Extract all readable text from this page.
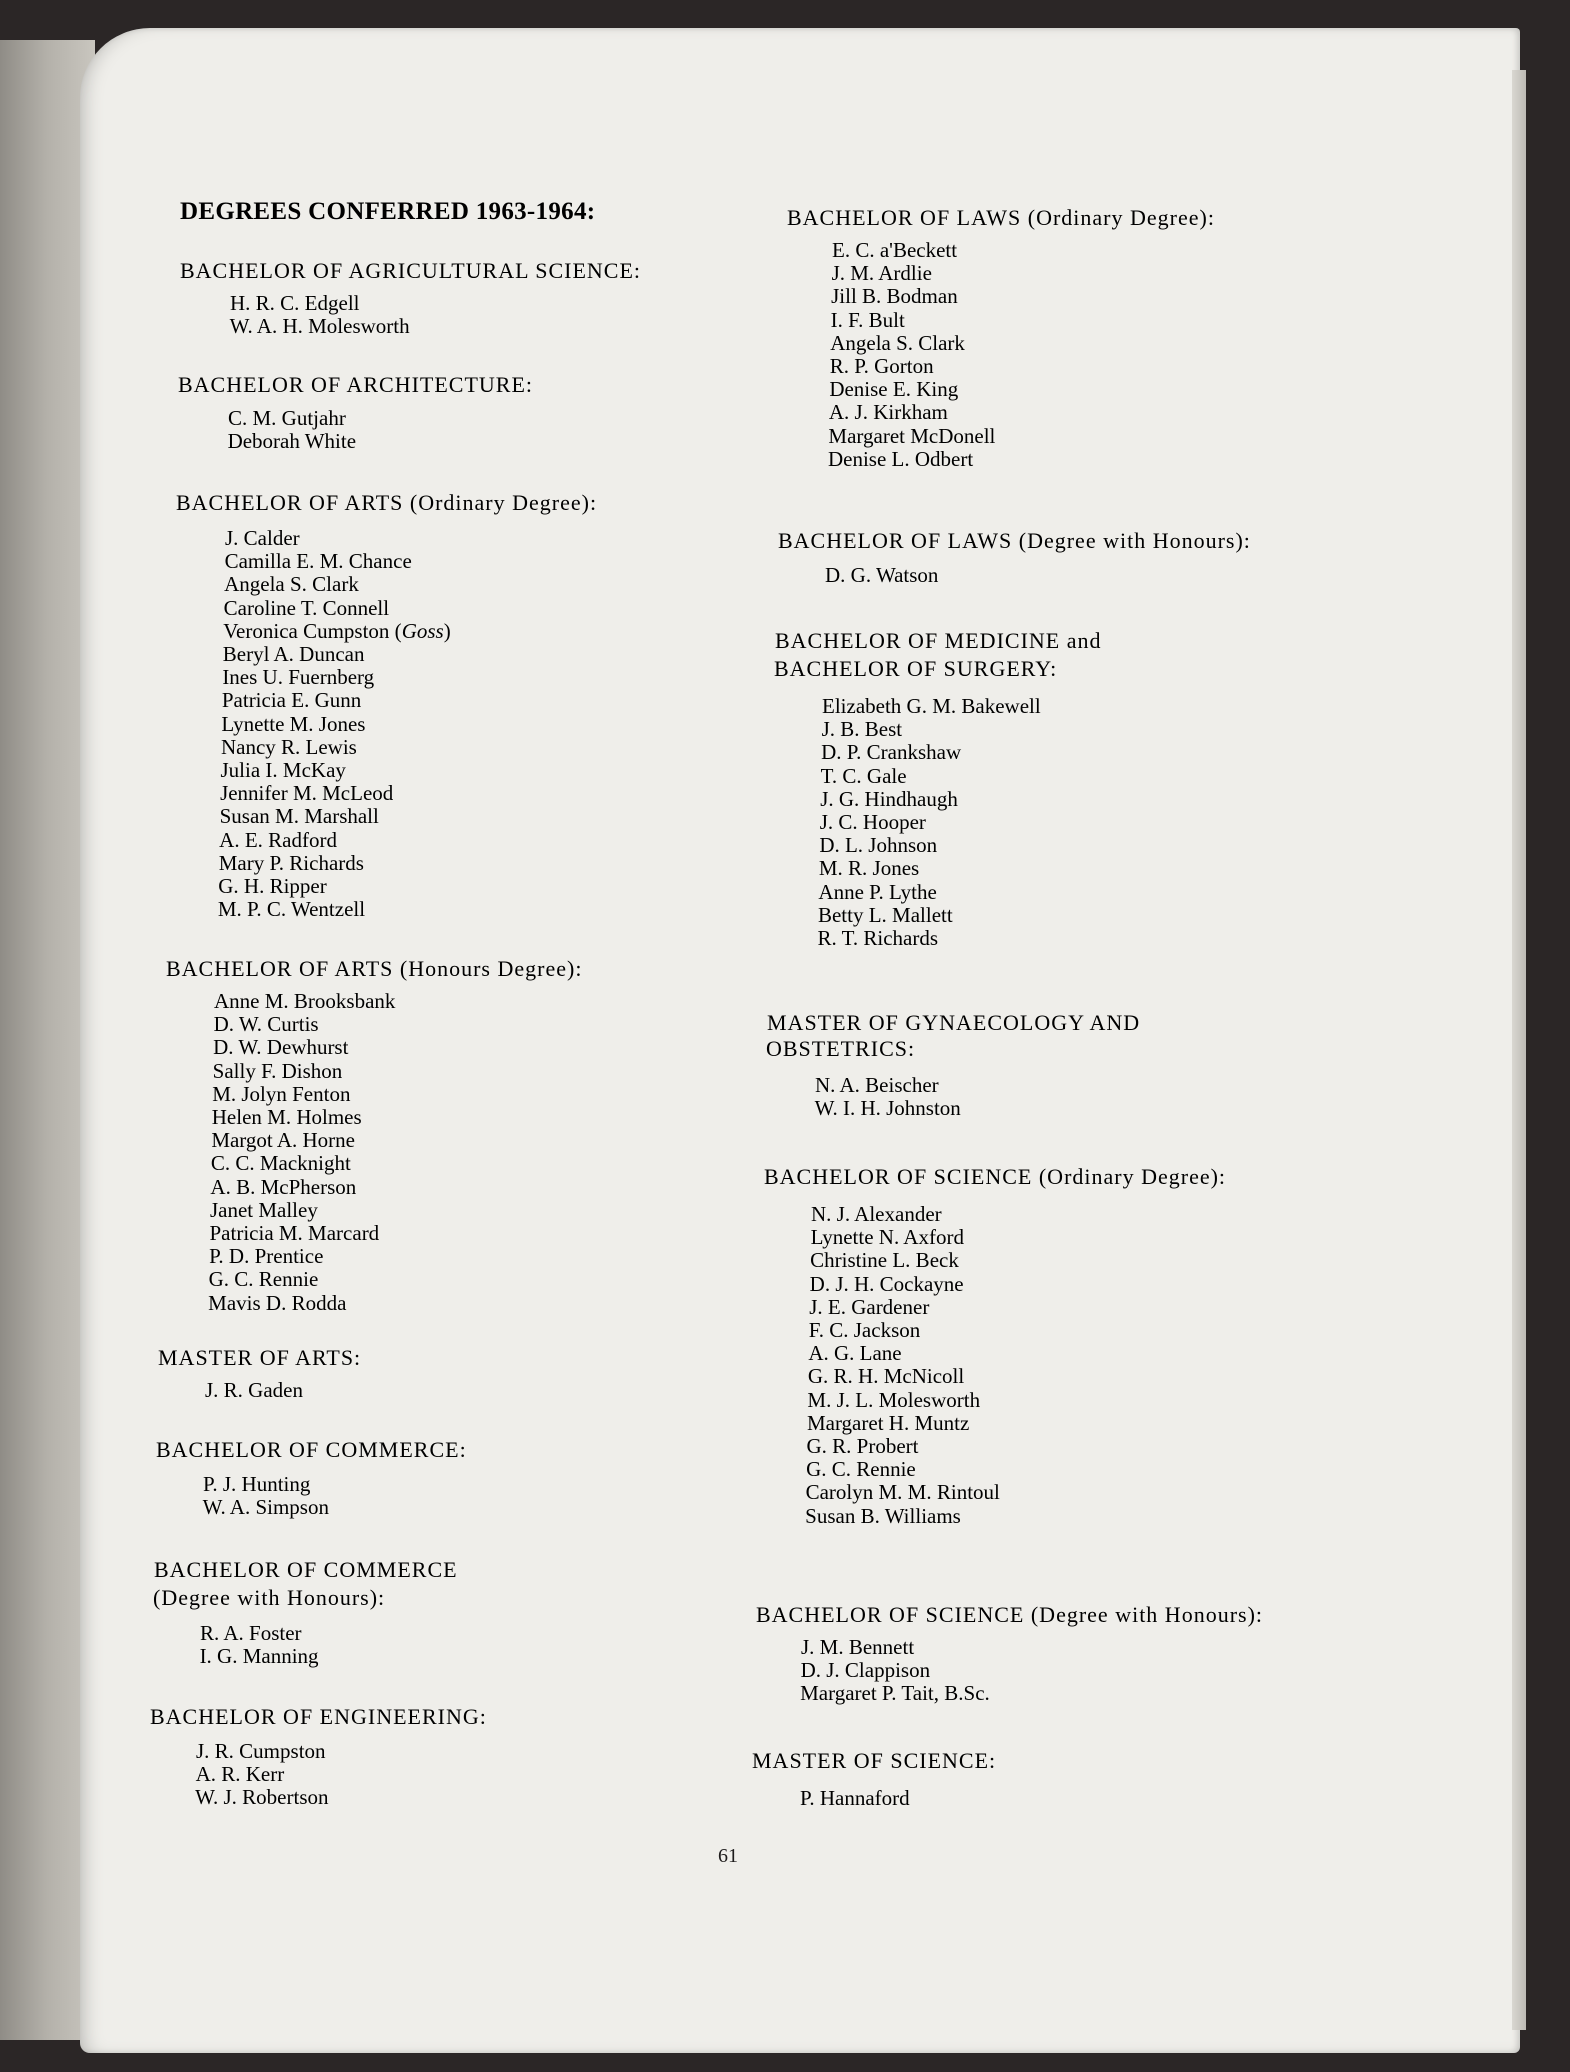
DEGREES CONFERRED 1963-1964:
BACHELOR OF AGRICULTURAL SCIENCE:
H. R. C. Edgell
W. A. H. Molesworth
BACHELOR OF ARCHITECTURE:
C. M. Gutjahr
Deborah White
BACHELOR OF ARTS (Ordinary Degree):
J. Calder
Camilla E. M. Chance
Angela S. Clark
Caroline T. Connell
Veronica Cumpston (Goss)
Beryl A. Duncan
Ines U. Fuernberg
Patricia E. Gunn
Lynette M. Jones
Nancy R. Lewis
Julia I. McKay
Jennifer M. McLeod
Susan M. Marshall
A. E. Radford
Mary P. Richards
G. H. Ripper
M. P. C. Wentzell
BACHELOR OF ARTS (Honours Degree):
Anne M. Brooksbank
D. W. Curtis
D. W. Dewhurst
Sally F. Dishon
M. Jolyn Fenton
Helen M. Holmes
Margot A. Horne
C. C. Macknight
A. B. McPherson
Janet Malley
Patricia M. Marcard
P. D. Prentice
G. C. Rennie
Mavis D. Rodda
MASTER OF ARTS:
J. R. Gaden
BACHELOR OF COMMERCE:
P. J. Hunting
W. A. Simpson
BACHELOR OF COMMERCE
(Degree with Honours):
R. A. Foster
I. G. Manning
BACHELOR OF ENGINEERING:
J. R. Cumpston
A. R. Kerr
W. J. Robertson
BACHELOR OF LAWS (Ordinary Degree):
E. C. a'Beckett
J. M. Ardlie
Jill B. Bodman
I. F. Bult
Angela S. Clark
R. P. Gorton
Denise E. King
A. J. Kirkham
Margaret McDonell
Denise L. Odbert
BACHELOR OF LAWS (Degree with Honours):
D. G. Watson
BACHELOR OF MEDICINE and
BACHELOR OF SURGERY:
Elizabeth G. M. Bakewell
J. B. Best
D. P. Crankshaw
T. C. Gale
J. G. Hindhaugh
J. C. Hooper
D. L. Johnson
M. R. Jones
Anne P. Lythe
Betty L. Mallett
R. T. Richards
MASTER OF GYNAECOLOGY AND
OBSTETRICS:
N. A. Beischer
W. I. H. Johnston
BACHELOR OF SCIENCE (Ordinary Degree):
N. J. Alexander
Lynette N. Axford
Christine L. Beck
D. J. H. Cockayne
J. E. Gardener
F. C. Jackson
A. G. Lane
G. R. H. McNicoll
M. J. L. Molesworth
Margaret H. Muntz
G. R. Probert
G. C. Rennie
Carolyn M. M. Rintoul
Susan B. Williams
BACHELOR OF SCIENCE (Degree with Honours):
J. M. Bennett
D. J. Clappison
Margaret P. Tait, B.Sc.
MASTER OF SCIENCE:
P. Hannaford
61
